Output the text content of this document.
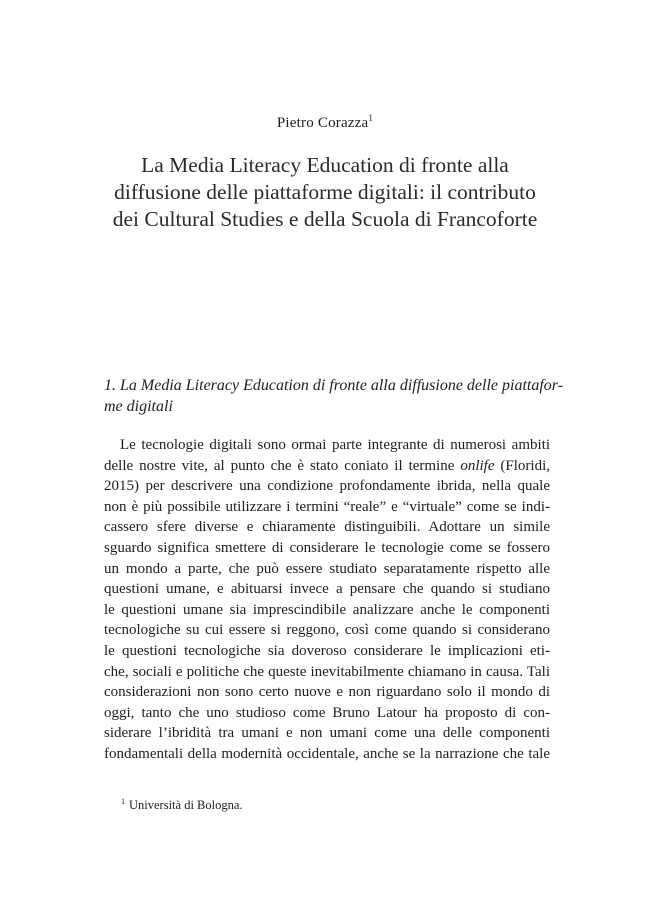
Pietro Corazza$^1$
La Media Literacy Education di fronte alla
diffusione delle piattaforme digitali: il contributo
dei Cultural Studies e della Scuola di Francoforte
1. La Media Literacy Education di fronte alla diffusione delle piattafor-
me digitali
Le tecnologie digitali sono ormai parte integrante di numerosi ambiti
delle nostre vite, al punto che è stato coniato il termine onlife (Floridi,
2015) per descrivere una condizione profondamente ibrida, nella quale
non è più possibile utilizzare i termini “reale” e “virtuale” come se indi-
cassero sfere diverse e chiaramente distinguibili. Adottare un simile
sguardo significa smettere di considerare le tecnologie come se fossero
un mondo a parte, che può essere studiato separatamente rispetto alle
questioni umane, e abituarsi invece a pensare che quando si studiano
le questioni umane sia imprescindibile analizzare anche le componenti
tecnologiche su cui essere si reggono, così come quando si considerano
le questioni tecnologiche sia doveroso considerare le implicazioni eti-
che, sociali e politiche che queste inevitabilmente chiamano in causa. Tali
considerazioni non sono certo nuove e non riguardano solo il mondo di
oggi, tanto che uno studioso come Bruno Latour ha proposto di con-
siderare l’ibridità tra umani e non umani come una delle componenti
fondamentali della modernità occidentale, anche se la narrazione che tale
$^1$ Università di Bologna.
